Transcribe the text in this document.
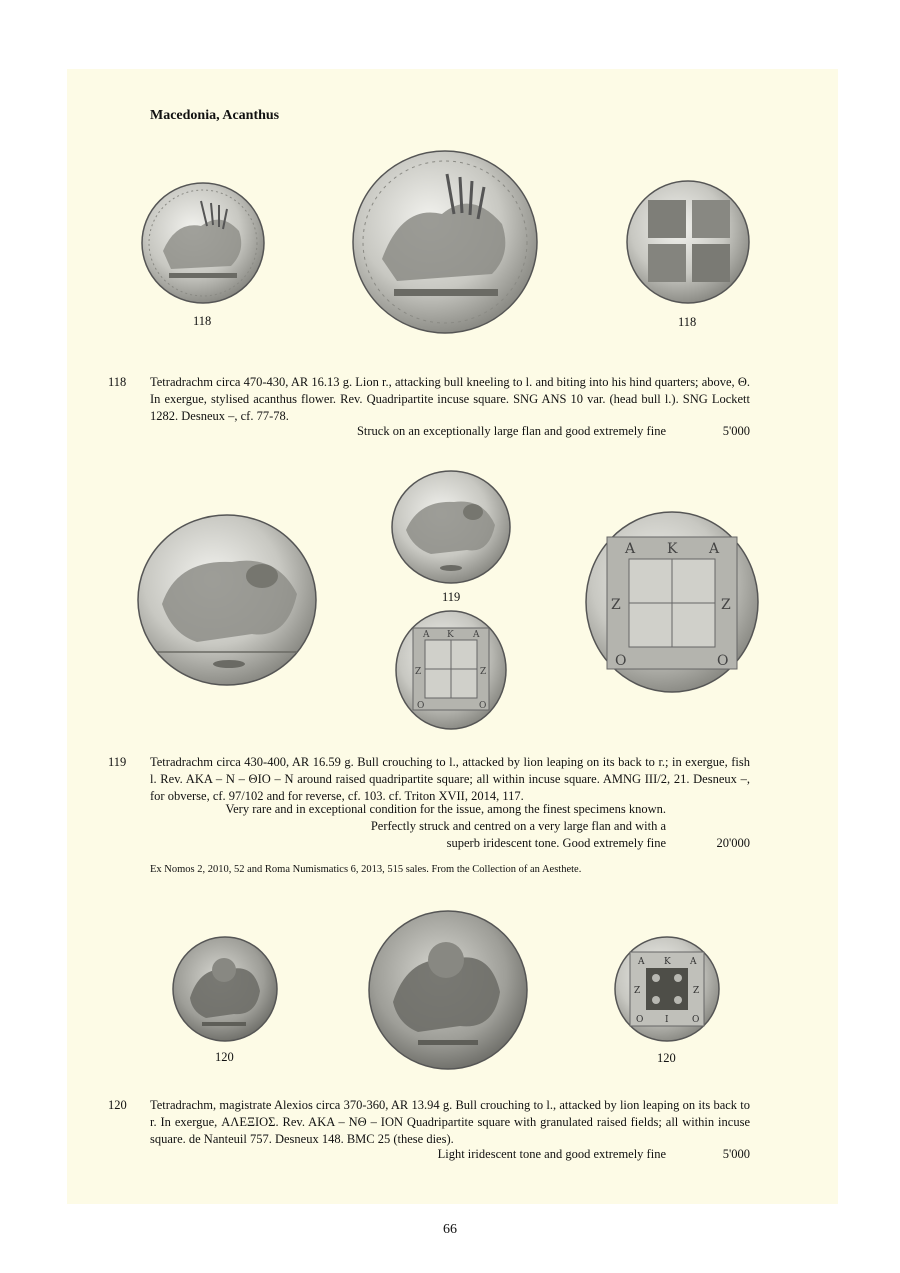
Macedonia, Acanthus
118	118
118 Tetradrachm circa 470-430, AR 16.13 g. Lion r., attacking bull kneeling to l. and biting into his hind quarters; above, Θ. In exergue, stylised acanthus flower. Rev. Quadripartite incuse square. SNG ANS 10 var. (head bull l.). SNG Lockett 1282. Desneux –, cf. 77-78.
Struck on an exceptionally large flan and good extremely fine	5'000
119
A K A
Z	Z
O	O
A K A
Z	Z
O	O
119 Tetradrachm circa 430-400, AR 16.59 g. Bull crouching to l., attacked by lion leaping on its back to r.; in exergue, fish l. Rev. AKA – N – ΘIO – N around raised quadripartite square; all within incuse square. AMNG III/2, 21. Desneux –, for obverse, cf. 97/102 and for reverse, cf. 103. cf. Triton XVII, 2014, 117.
Very rare and in exceptional condition for the issue, among the finest specimens known.
Perfectly struck and centred on a very large flan and with a
superb iridescent tone. Good extremely fine	20'000
Ex Nomos 2, 2010, 52 and Roma Numismatics 6, 2013, 515 sales. From the Collection of an Aesthete.
A K A
Z	Z
O I	O
120	120
120 Tetradrachm, magistrate Alexios circa 370-360, AR 13.94 g. Bull crouching to l., attacked by lion leaping on its back to r. In exergue, ΑΛΕΞΙΟΣ. Rev. AKA – NΘ – ION Quadripartite square with granulated raised fields; all within incuse square. de Nanteuil 757. Desneux 148. BMC 25 (these dies).
Light iridescent tone and good extremely fine	5'000
66
